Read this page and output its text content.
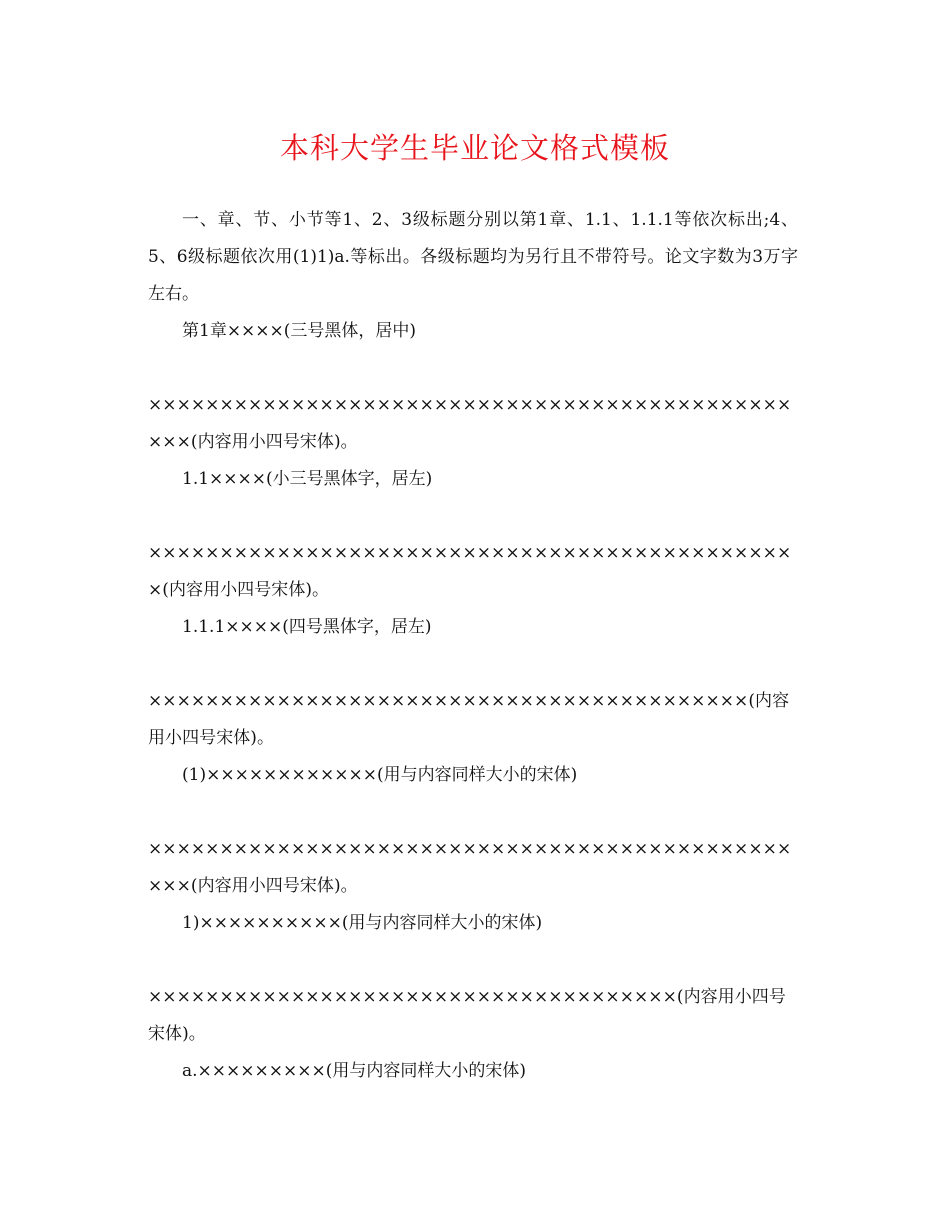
本科大学生毕业论文格式模板

一、章、节、小节等1、2、3级标题分别以第1章、1.1、1.1.1等依次标出;4、5、6级标题依次用(1)1)a.等标出。各级标题均为另行且不带符号。论文字数为3万字左右。

第1章××××(三号黑体，居中)

××××××××××××××××××××××××××××××××××××××××××××××××(内容用小四号宋体)。

1.1××××(小三号黑体字，居左)

××××××××××××××××××××××××××××××××××××××××××××××(内容用小四号宋体)。

1.1.1××××(四号黑体字，居左)

××××××××××××××××××××××××××××××××××××××××××(内容用小四号宋体)。

(1)××××××××××××(用与内容同样大小的宋体)

××××××××××××××××××××××××××××××××××××××××××××××××(内容用小四号宋体)。

1)××××××××××(用与内容同样大小的宋体)

×××××××××××××××××××××××××××××××××××××(内容用小四号宋体)。

a.×××××××××(用与内容同样大小的宋体)
